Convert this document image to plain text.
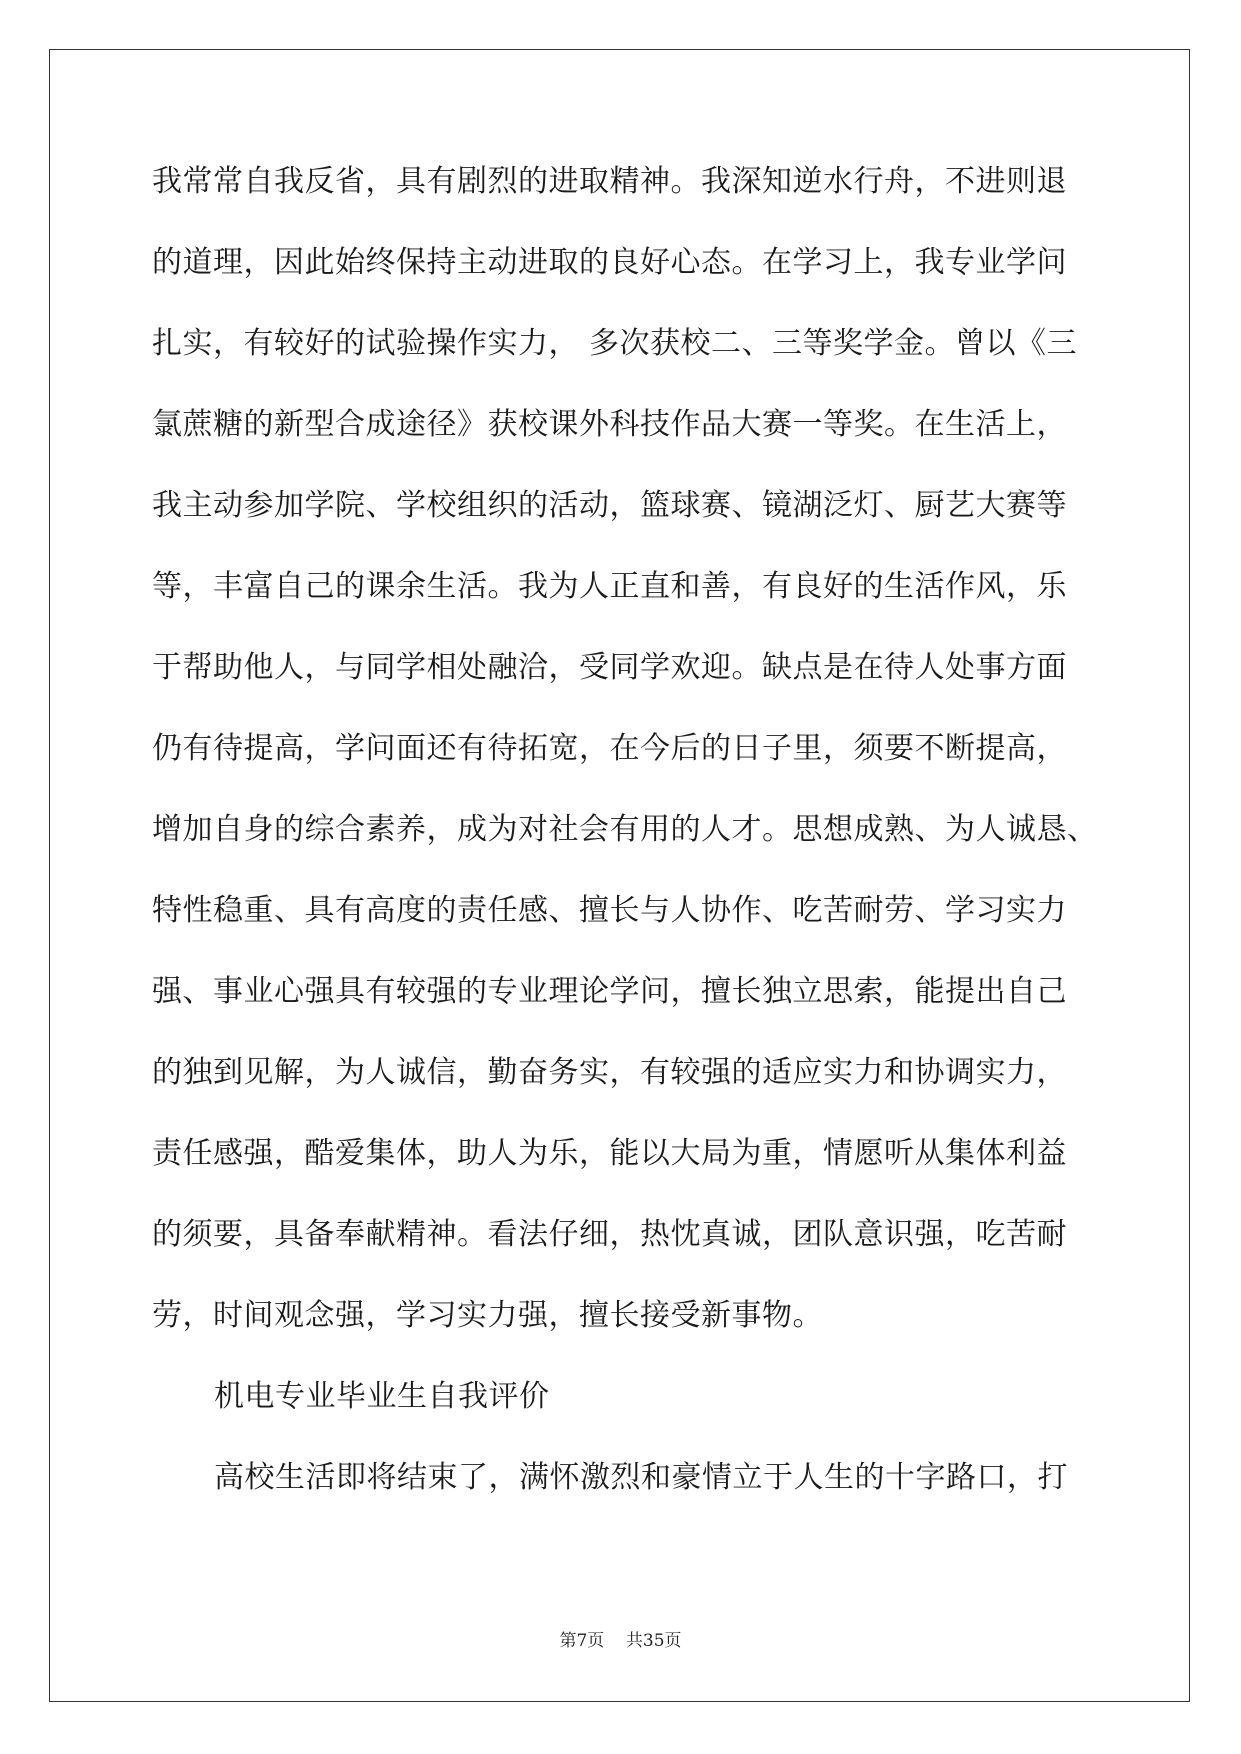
我常常自我反省，具有剧烈的进取精神。我深知逆水行舟，不进则退
的道理，因此始终保持主动进取的良好心态。在学习上，我专业学问
扎实，有较好的试验操作实力， 多次获校二、三等奖学金。曾以《三
氯蔗糖的新型合成途径》获校课外科技作品大赛一等奖。在生活上，
我主动参加学院、学校组织的活动，篮球赛、镜湖泛灯、厨艺大赛等
等，丰富自己的课余生活。我为人正直和善，有良好的生活作风，乐
于帮助他人，与同学相处融洽，受同学欢迎。缺点是在待人处事方面
仍有待提高，学问面还有待拓宽，在今后的日子里，须要不断提高，
增加自身的综合素养，成为对社会有用的人才。思想成熟、为人诚恳、
特性稳重、具有高度的责任感、擅长与人协作、吃苦耐劳、学习实力
强、事业心强具有较强的专业理论学问，擅长独立思索，能提出自己
的独到见解，为人诚信，勤奋务实，有较强的适应实力和协调实力，
责任感强，酷爱集体，助人为乐，能以大局为重，情愿听从集体利益
的须要，具备奉献精神。看法仔细，热忱真诚，团队意识强，吃苦耐
劳，时间观念强，学习实力强，擅长接受新事物。
机电专业毕业生自我评价
高校生活即将结束了，满怀激烈和豪情立于人生的十字路口，打
第7页 共35页
